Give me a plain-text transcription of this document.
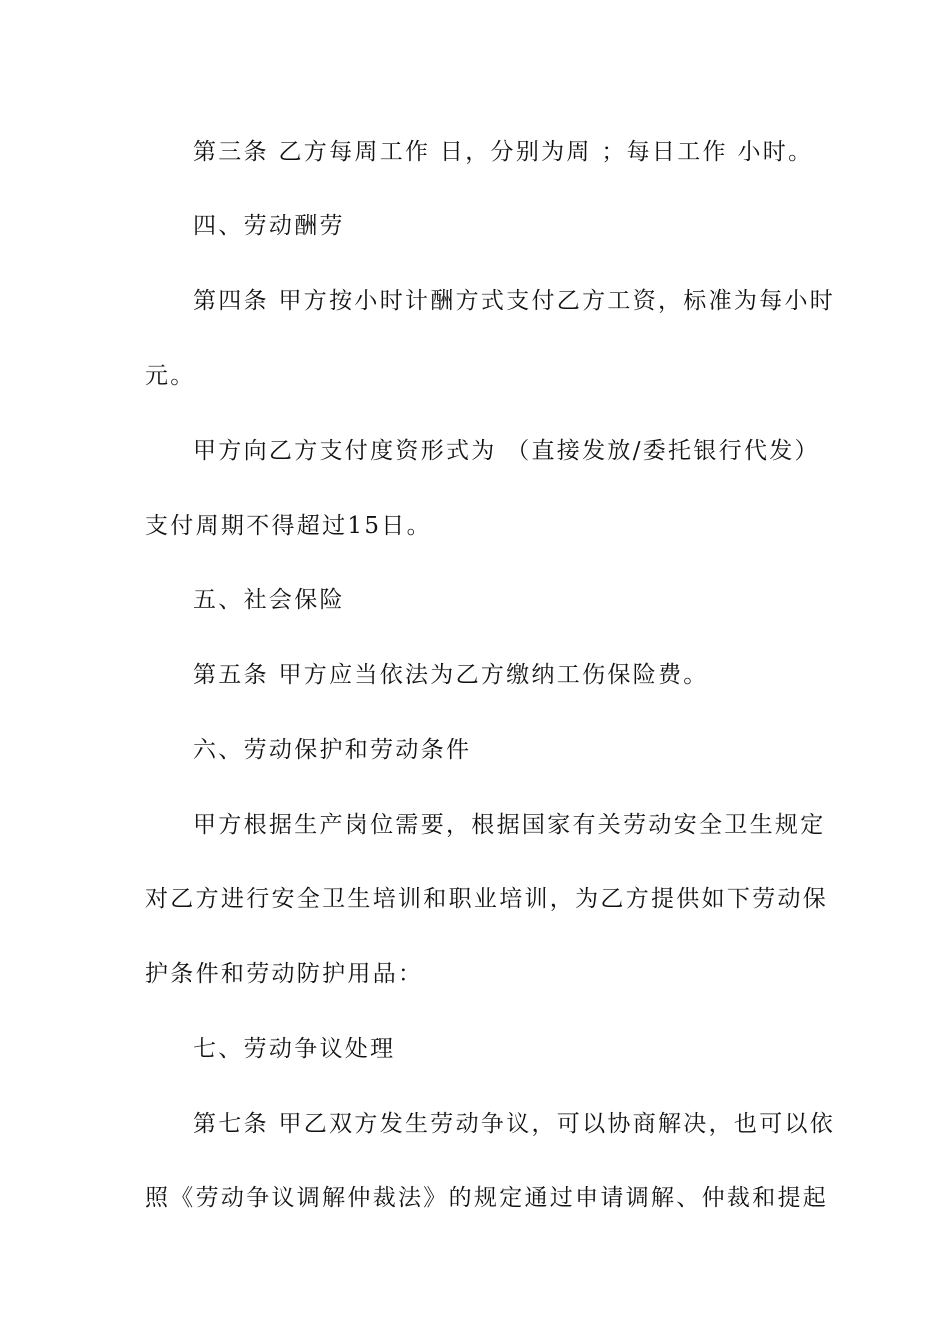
第三条 乙方每周工作 日，分别为周 ；每日工作 小时。
四、劳动酬劳
第四条 甲方按小时计酬方式支付乙方工资，标准为每小时
元。
甲方向乙方支付度资形式为 （直接发放/委托银行代发）
支付周期不得超过15日。
五、社会保险
第五条 甲方应当依法为乙方缴纳工伤保险费。
六、劳动保护和劳动条件
甲方根据生产岗位需要，根据国家有关劳动安全卫生规定
对乙方进行安全卫生培训和职业培训，为乙方提供如下劳动保
护条件和劳动防护用品：
七、劳动争议处理
第七条 甲乙双方发生劳动争议，可以协商解决，也可以依
照《劳动争议调解仲裁法》的规定通过申请调解、仲裁和提起
